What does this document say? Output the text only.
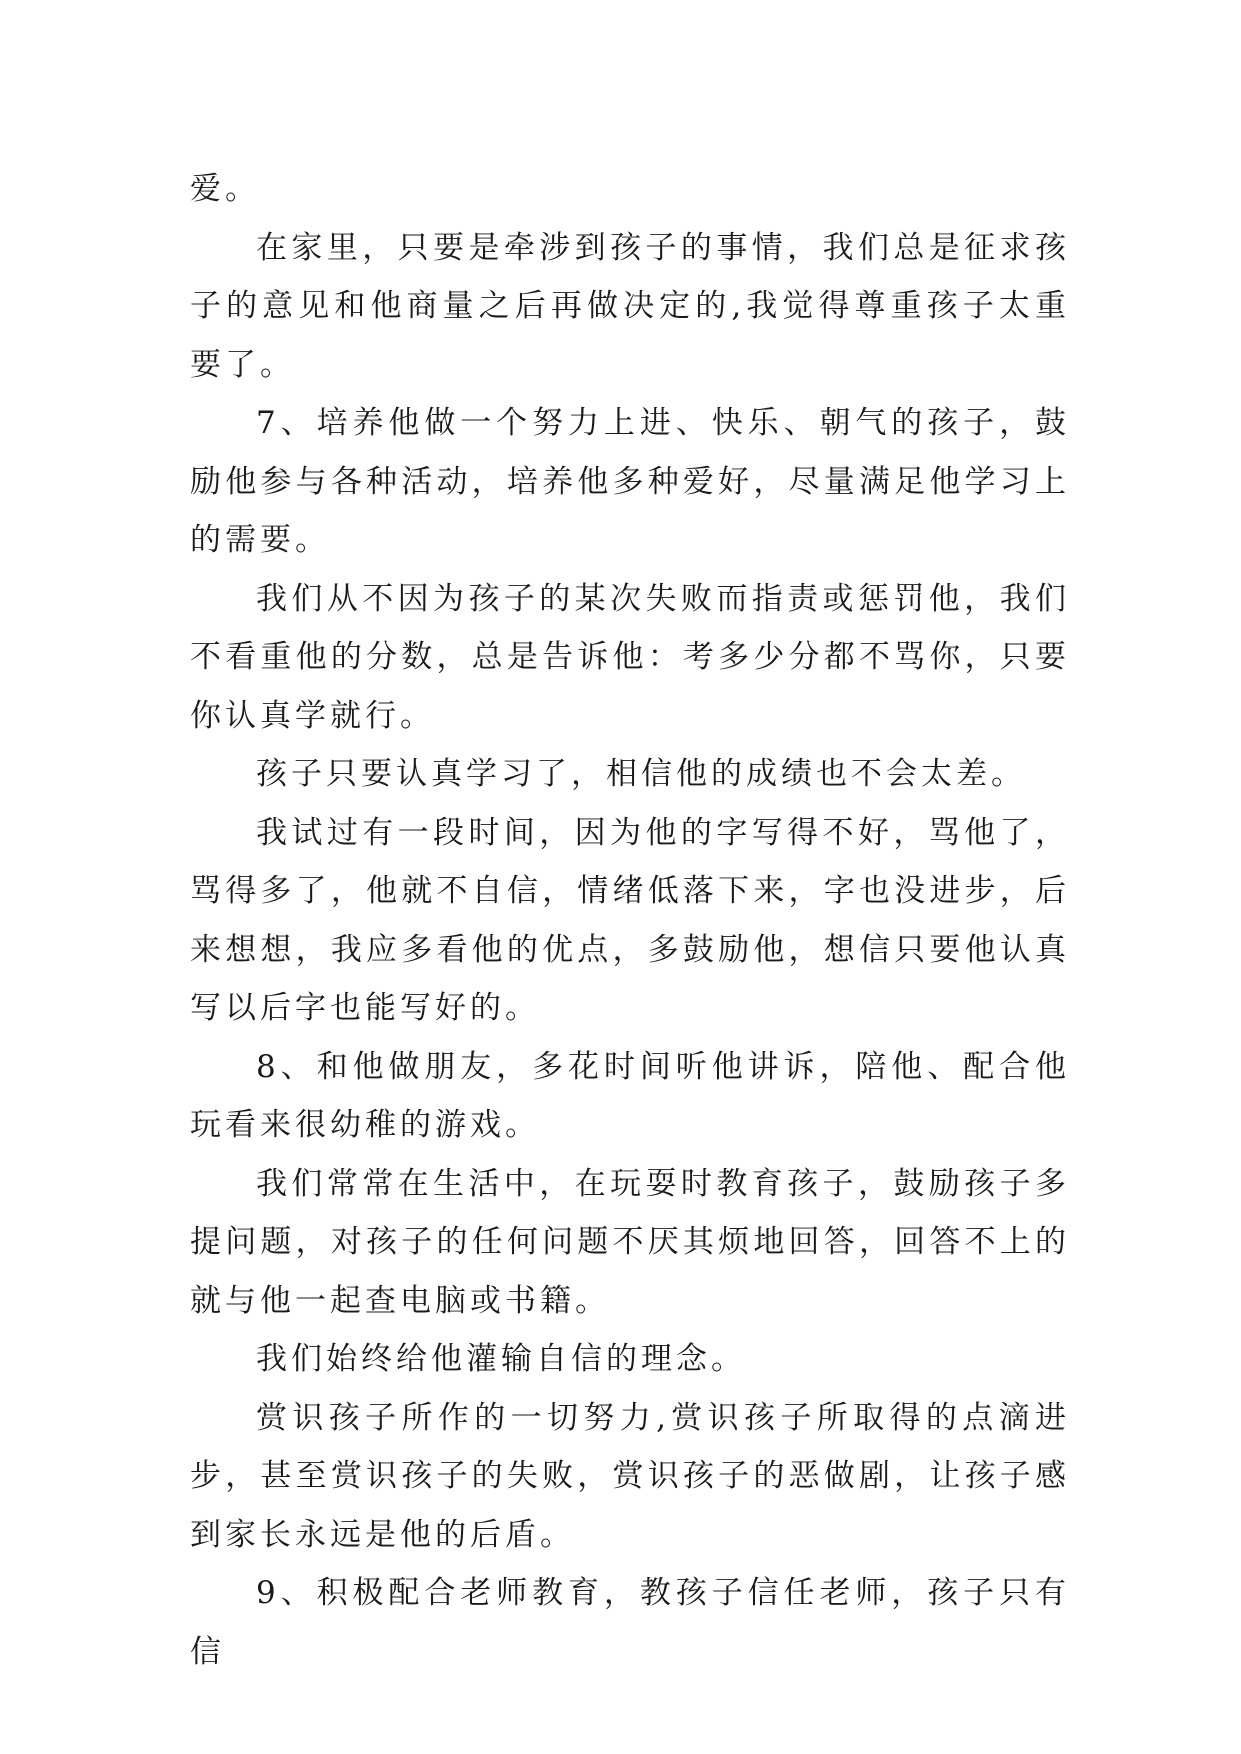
爱。

在家里，只要是牵涉到孩子的事情，我们总是征求孩子的意见和他商量之后再做决定的,我觉得尊重孩子太重要了。

7、培养他做一个努力上进、快乐、朝气的孩子，鼓励他参与各种活动，培养他多种爱好，尽量满足他学习上的需要。

我们从不因为孩子的某次失败而指责或惩罚他，我们不看重他的分数，总是告诉他：考多少分都不骂你，只要你认真学就行。

孩子只要认真学习了，相信他的成绩也不会太差。

我试过有一段时间，因为他的字写得不好，骂他了，骂得多了，他就不自信，情绪低落下来，字也没进步，后来想想，我应多看他的优点，多鼓励他，想信只要他认真写以后字也能写好的。

8、和他做朋友，多花时间听他讲诉，陪他、配合他玩看来很幼稚的游戏。

我们常常在生活中，在玩耍时教育孩子，鼓励孩子多提问题，对孩子的任何问题不厌其烦地回答，回答不上的就与他一起查电脑或书籍。

我们始终给他灌输自信的理念。

赏识孩子所作的一切努力,赏识孩子所取得的点滴进步，甚至赏识孩子的失败，赏识孩子的恶做剧，让孩子感到家长永远是他的后盾。

9、积极配合老师教育，教孩子信任老师，孩子只有信
